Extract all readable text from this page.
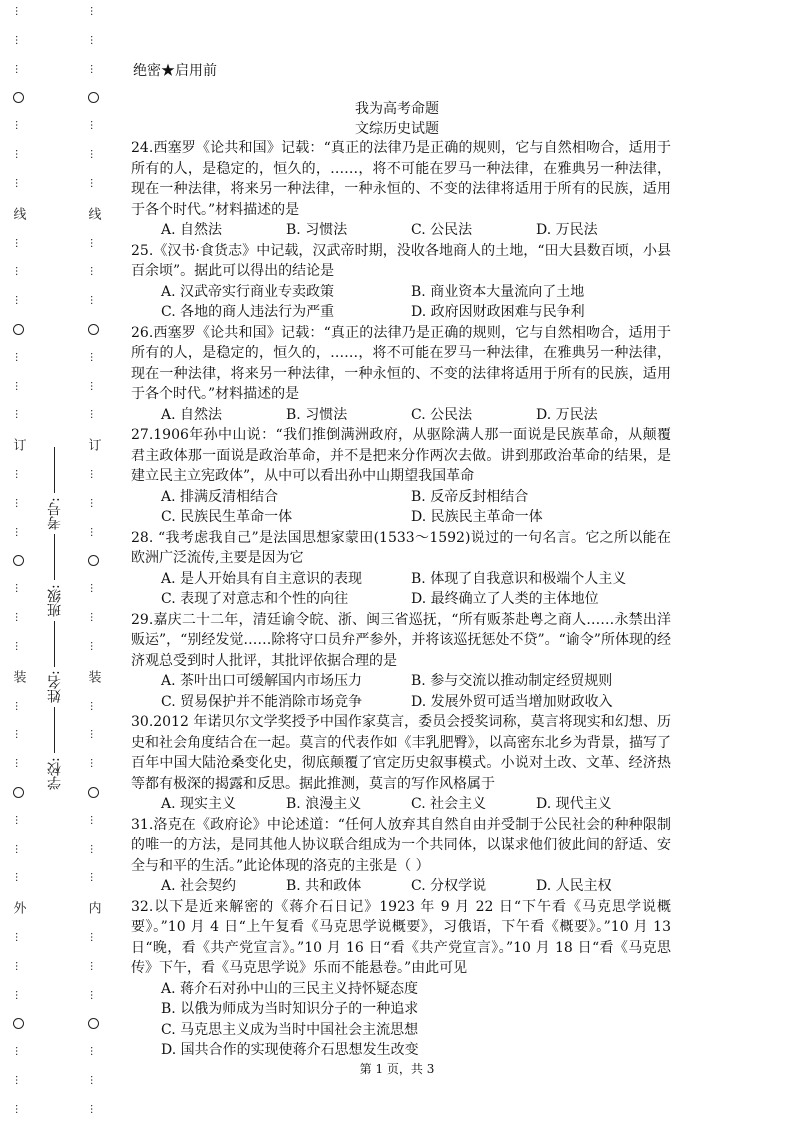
…
…
…
…
…
…
线
…
…
…
…
…
…
订
…
…
…
…
…
…
装
…
…
…
…
…
…
外
…
…
…
…
…
…
…
…
…
…
…
…
线
…
…
…
…
…
…
订
…
…
…
…
…
…
装
…
…
…
…
…
…
内
…
…
…
…
…
…
学校:
姓名:
班级:
考号:
绝密★启用前
我为高考命题
文综历史试题

24.西塞罗《论共和国》记载：“真正的法律乃是正确的规则，它与自然相吻合，适用于所有的人，是稳定的，恒久的，……，将不可能在罗马一种法律，在雅典另一种法律，现在一种法律，将来另一种法律，一种永恒的、不变的法律将适用于所有的民族，适用于各个时代。”材料描述的是

A. 自然法	B. 习惯法	C. 公民法	D. 万民法

25.《汉书·食货志》中记载，汉武帝时期，没收各地商人的土地，“田大县数百顷，小县百余顷”。据此可以得出的结论是

A. 汉武帝实行商业专卖政策	B. 商业资本大量流向了土地
C. 各地的商人违法行为严重	D. 政府因财政困难与民争利

26.西塞罗《论共和国》记载：“真正的法律乃是正确的规则，它与自然相吻合，适用于所有的人，是稳定的，恒久的，……，将不可能在罗马一种法律，在雅典另一种法律，现在一种法律，将来另一种法律，一种永恒的、不变的法律将适用于所有的民族，适用于各个时代。”材料描述的是

A. 自然法	B. 习惯法	C. 公民法	D. 万民法

27.1906年孙中山说：“我们推倒满洲政府，从驱除满人那一面说是民族革命，从颠覆君主政体那一面说是政治革命，并不是把来分作两次去做。讲到那政治革命的结果，是建立民主立宪政体”，从中可以看出孙中山期望我国革命

A. 排满反清相结合	B. 反帝反封相结合
C. 民族民生革命一体	D. 民族民主革命一体

28. “我考虑我自己”是法国思想家蒙田(1533～1592)说过的一句名言。它之所以能在欧洲广泛流传,主要是因为它

A. 是人开始具有自主意识的表现	B. 体现了自我意识和极端个人主义
C. 表现了对意志和个性的向往	D. 最终确立了人类的主体地位

29.嘉庆二十二年，清廷谕令皖、浙、闽三省巡抚，“所有贩茶赴粤之商人……永禁出洋贩运”，“别经发觉……除将守口员弁严参外，并将该巡抚惩处不贷”。“谕令”所体现的经济观总受到时人批评，其批评依据合理的是

A. 茶叶出口可缓解国内市场压力	B. 参与交流以推动制定经贸规则
C. 贸易保护并不能消除市场竞争	D. 发展外贸可适当增加财政收入

30.2012 年诺贝尔文学奖授予中国作家莫言，委员会授奖词称，莫言将现实和幻想、历史和社会角度结合在一起。莫言的代表作如《丰乳肥臀》，以高密东北乡为背景，描写了百年中国大陆沧桑变化史，彻底颠覆了官定历史叙事模式。小说对土改、文革、经济热等都有极深的揭露和反思。据此推测，莫言的写作风格属于

A. 现实主义	B. 浪漫主义	C. 社会主义	D. 现代主义

31.洛克在《政府论》中论述道：“任何人放弃其自然自由并受制于公民社会的种种限制的唯一的方法，是同其他人协议联合组成为一个共同体，以谋求他们彼此间的舒适、安全与和平的生活。”此论体现的洛克的主张是（ ）

A. 社会契约	B. 共和政体	C. 分权学说	D. 人民主权

32.以下是近来解密的《蒋介石日记》1923 年 9 月 22 日“下午看《马克思学说概要》。”10 月 4 日“上午复看《马克思学说概要》，习俄语，下午看《概要》。”10 月 13 日“晚，看《共产党宣言》。”10 月 16 日“看《共产党宣言》。”10 月 18 日“看《马克思传》下午，看《马克思学说》乐而不能悬卷。”由此可见

A. 蒋介石对孙中山的三民主义持怀疑态度
B. 以俄为师成为当时知识分子的一种追求
C. 马克思主义成为当时中国社会主流思想
D. 国共合作的实现使蒋介石思想发生改变
第 1 页，共 3
